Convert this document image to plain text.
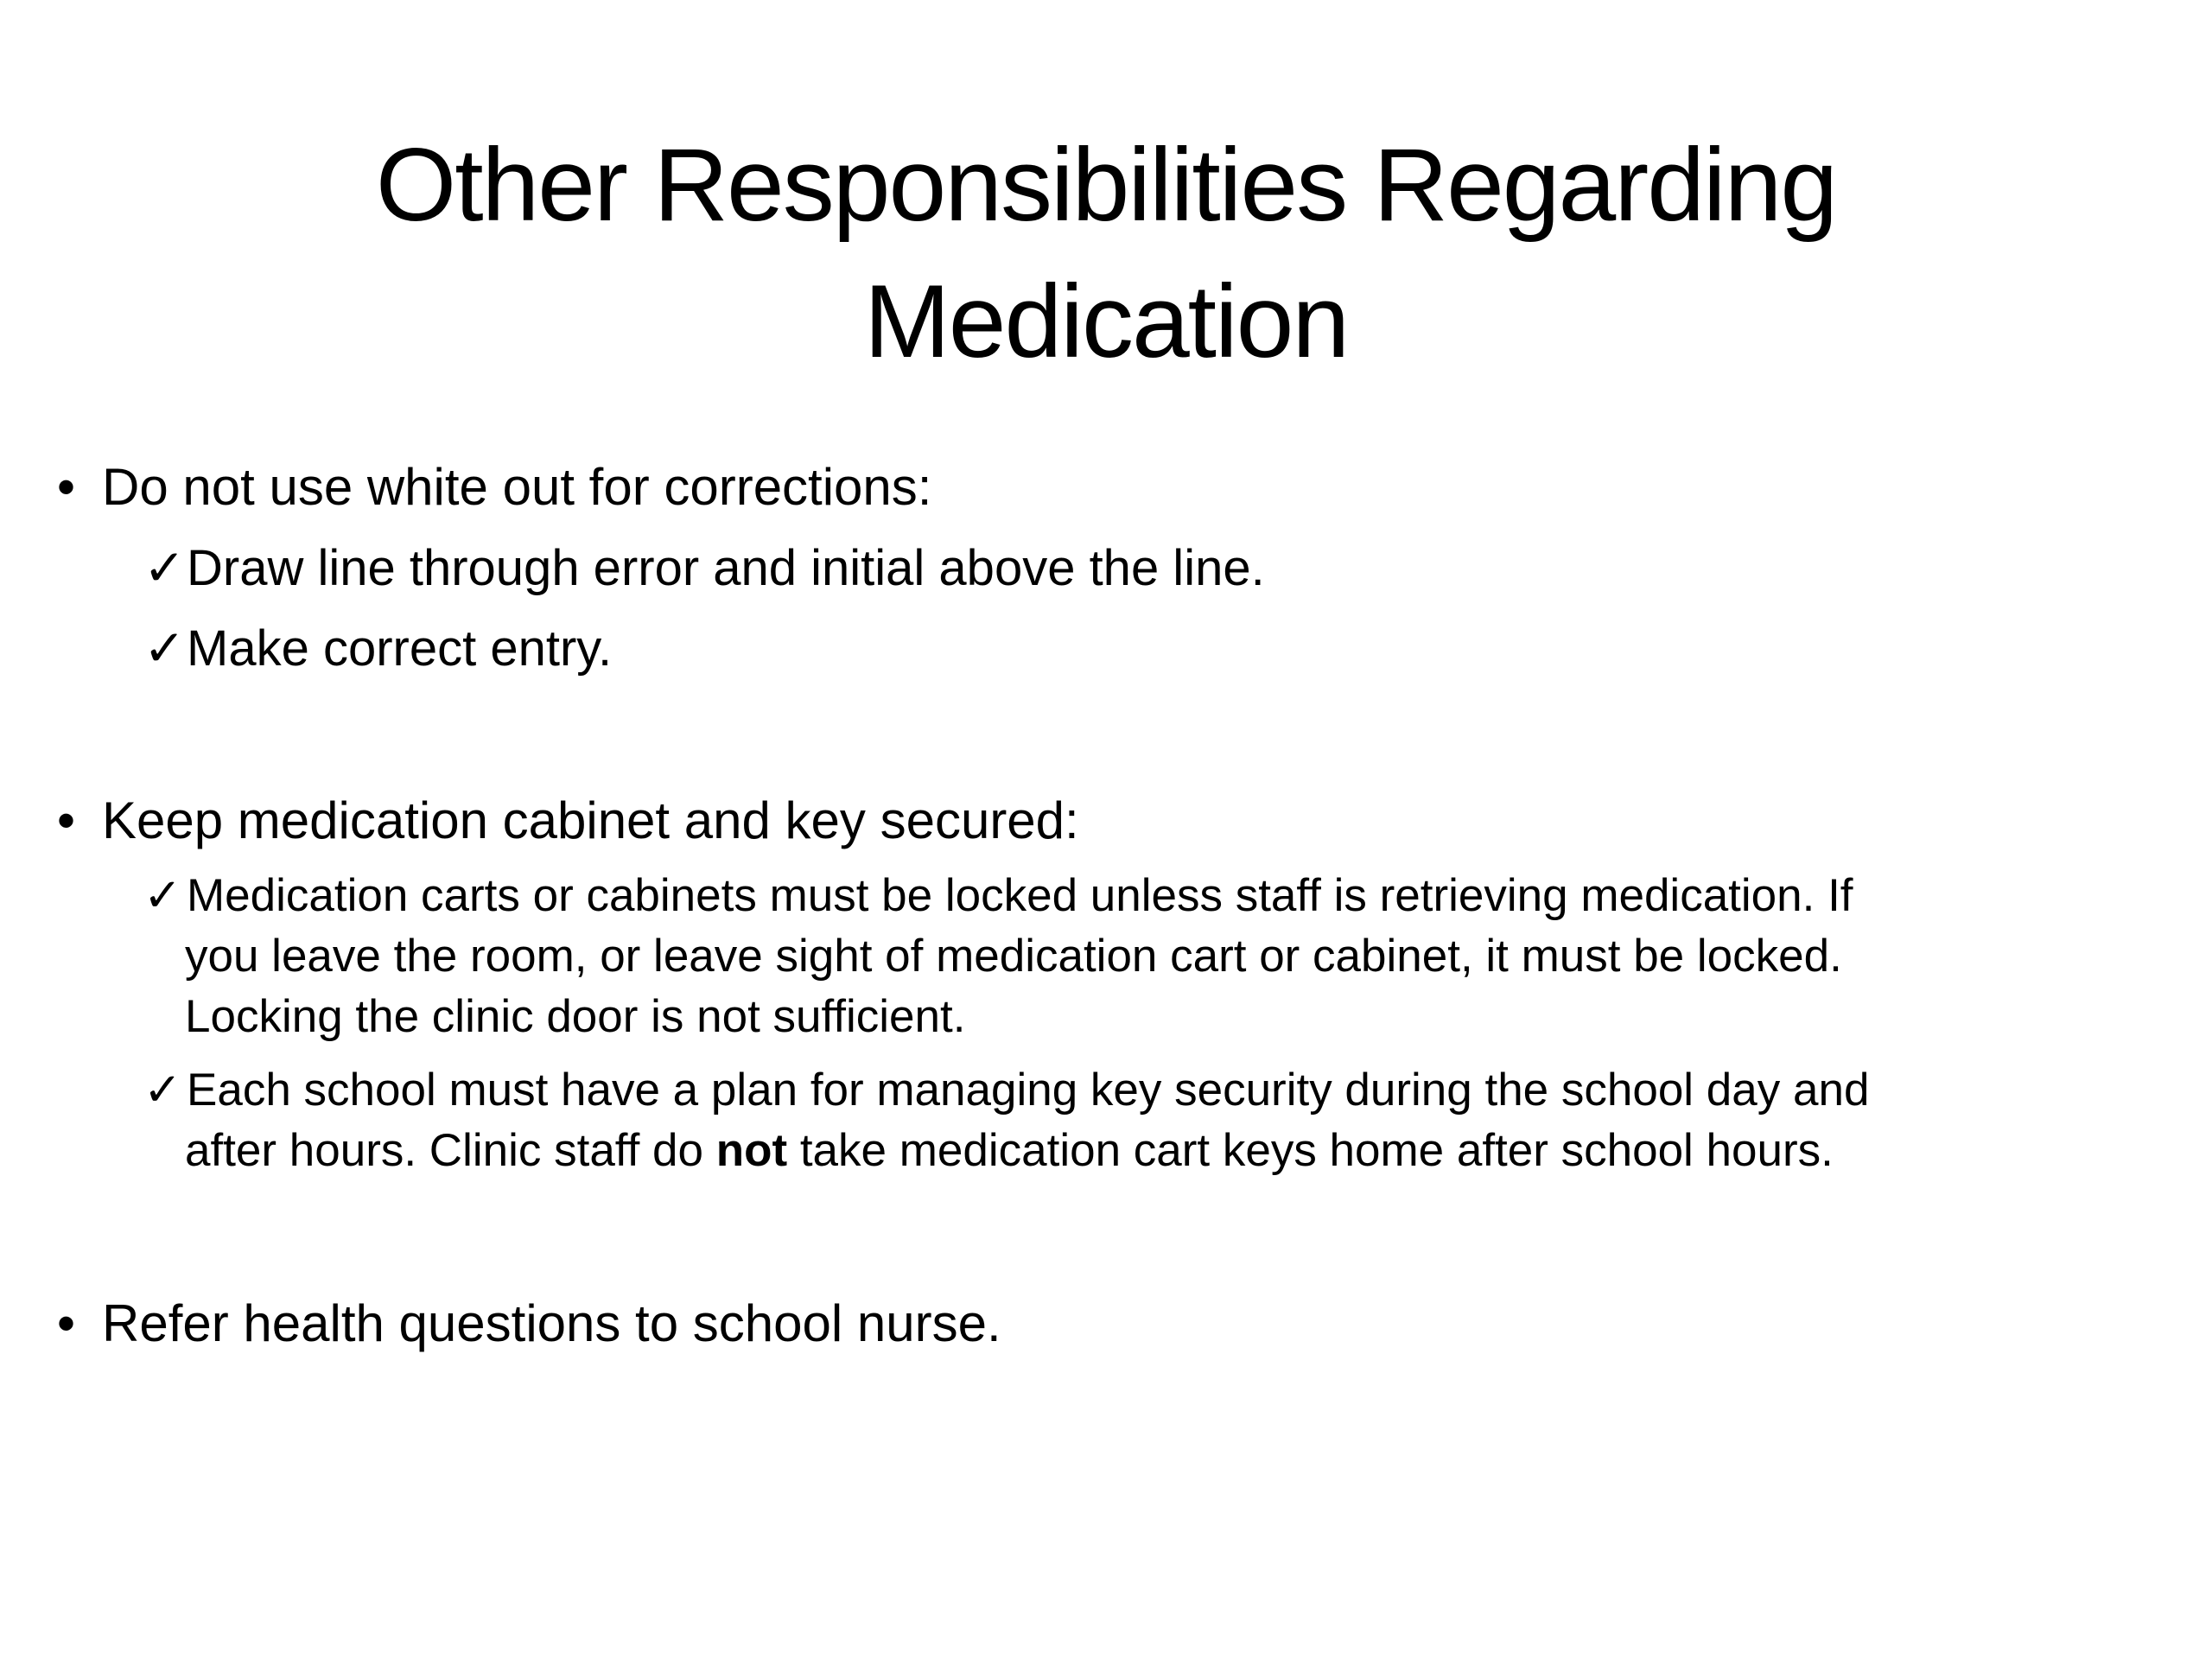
Other Responsibilities Regarding
Medication
• Do not use white out for corrections:
✓Draw line through error and initial above the line.
✓Make correct entry.
• Keep medication cabinet and key secured:
✓ Medication carts or cabinets must be locked unless staff is retrieving medication. If
you leave the room, or leave sight of medication cart or cabinet, it must be locked.
Locking the clinic door is not sufficient.
✓ Each school must have a plan for managing key security during the school day and
after hours. Clinic staff do not take medication cart keys home after school hours.
• Refer health questions to school nurse.
